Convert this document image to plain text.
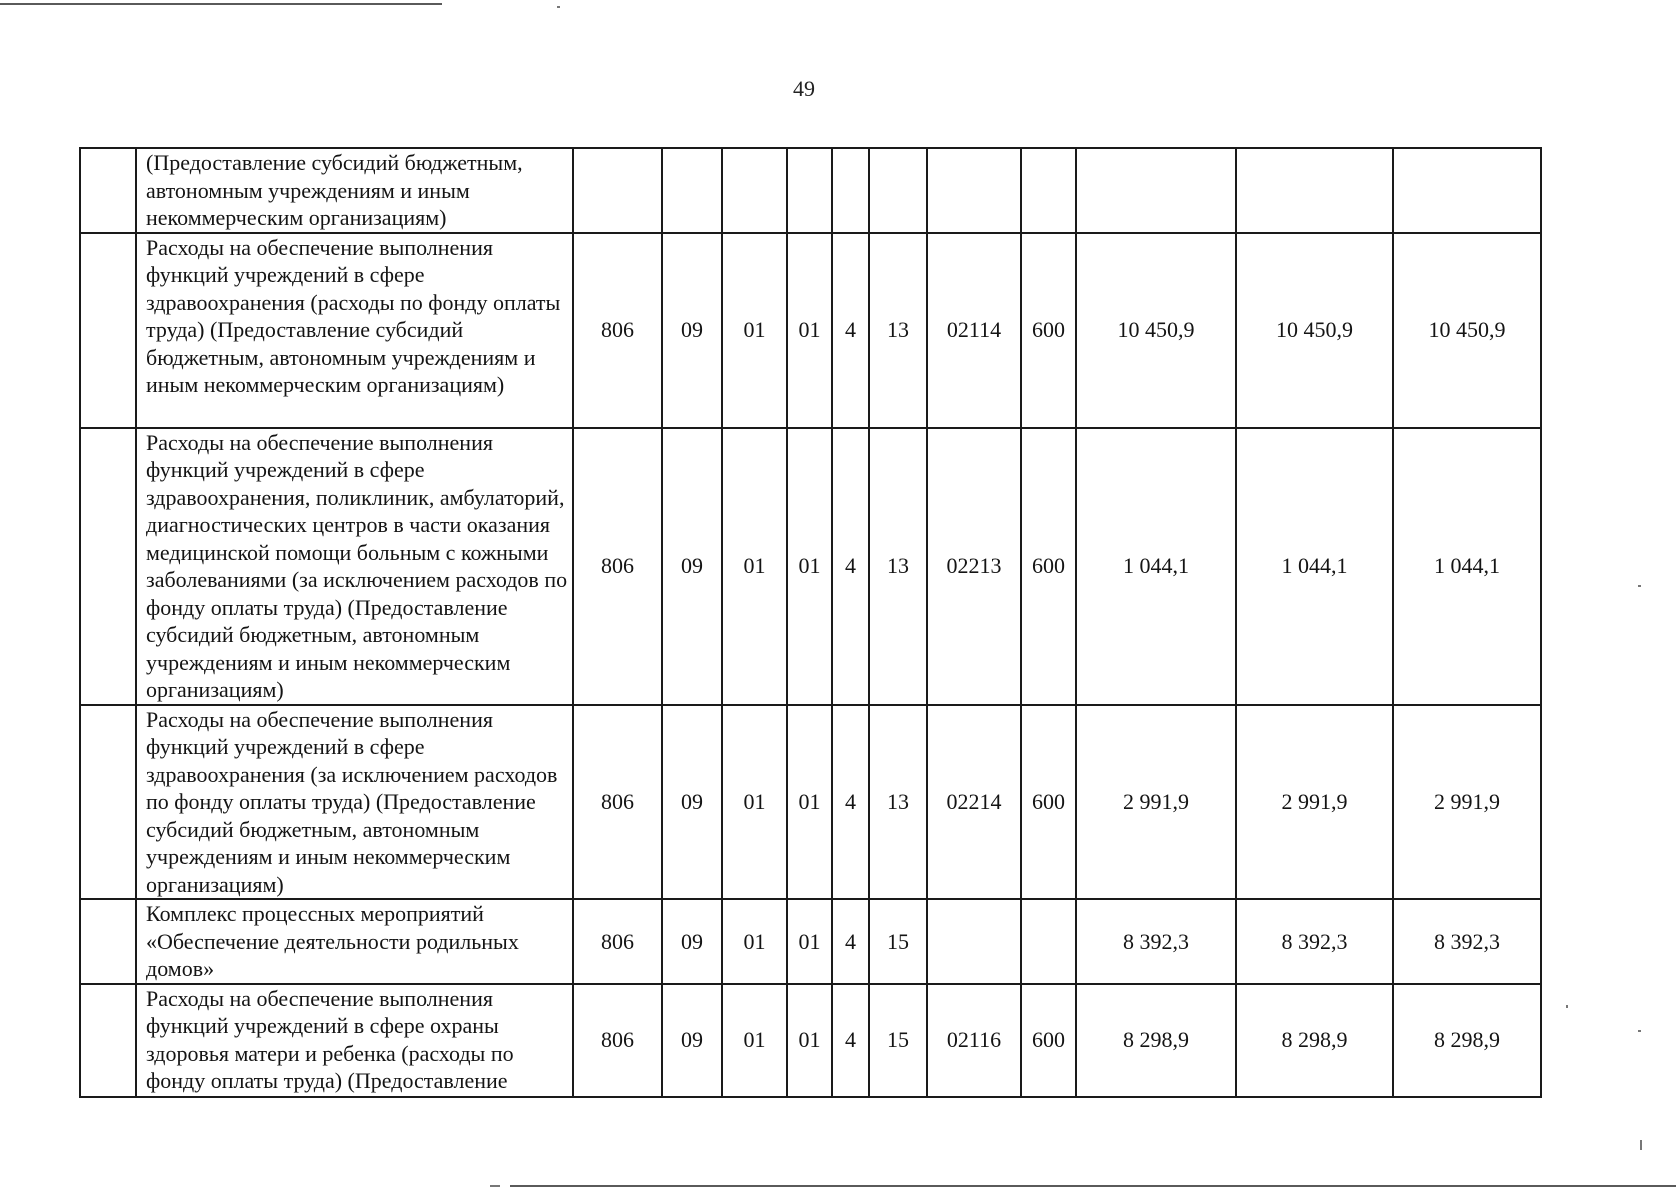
49
	(Предоставление субсидий бюджетным, автономным учреждениям и иным некоммерческим организациям)											
	Расходы на обеспечение выполнения функций учреждений в сфере здравоохранения (расходы по фонду оплаты труда) (Предоставление субсидий бюджетным, автономным учреждениям и иным некоммерческим организациям)	806	09	01	01	4	13	02114	600	10 450,9	10 450,9	10 450,9
	Расходы на обеспечение выполнения функций учреждений в сфере здравоохранения, поликлиник, амбулаторий, диагностических центров в части оказания медицинской помощи больным с кожными заболеваниями (за исключением расходов по фонду оплаты труда) (Предоставление субсидий бюджетным, автономным учреждениям и иным некоммерческим организациям)	806	09	01	01	4	13	02213	600	1 044,1	1 044,1	1 044,1
	Расходы на обеспечение выполнения функций учреждений в сфере здравоохранения (за исключением расходов по фонду оплаты труда) (Предоставление субсидий бюджетным, автономным учреждениям и иным некоммерческим организациям)	806	09	01	01	4	13	02214	600	2 991,9	2 991,9	2 991,9
	Комплекс процессных мероприятий «Обеспечение деятельности родильных домов»	806	09	01	01	4	15			8 392,3	8 392,3	8 392,3
	Расходы на обеспечение выполнения функций учреждений в сфере охраны здоровья матери и ребенка (расходы по фонду оплаты труда) (Предоставление	806	09	01	01	4	15	02116	600	8 298,9	8 298,9	8 298,9
